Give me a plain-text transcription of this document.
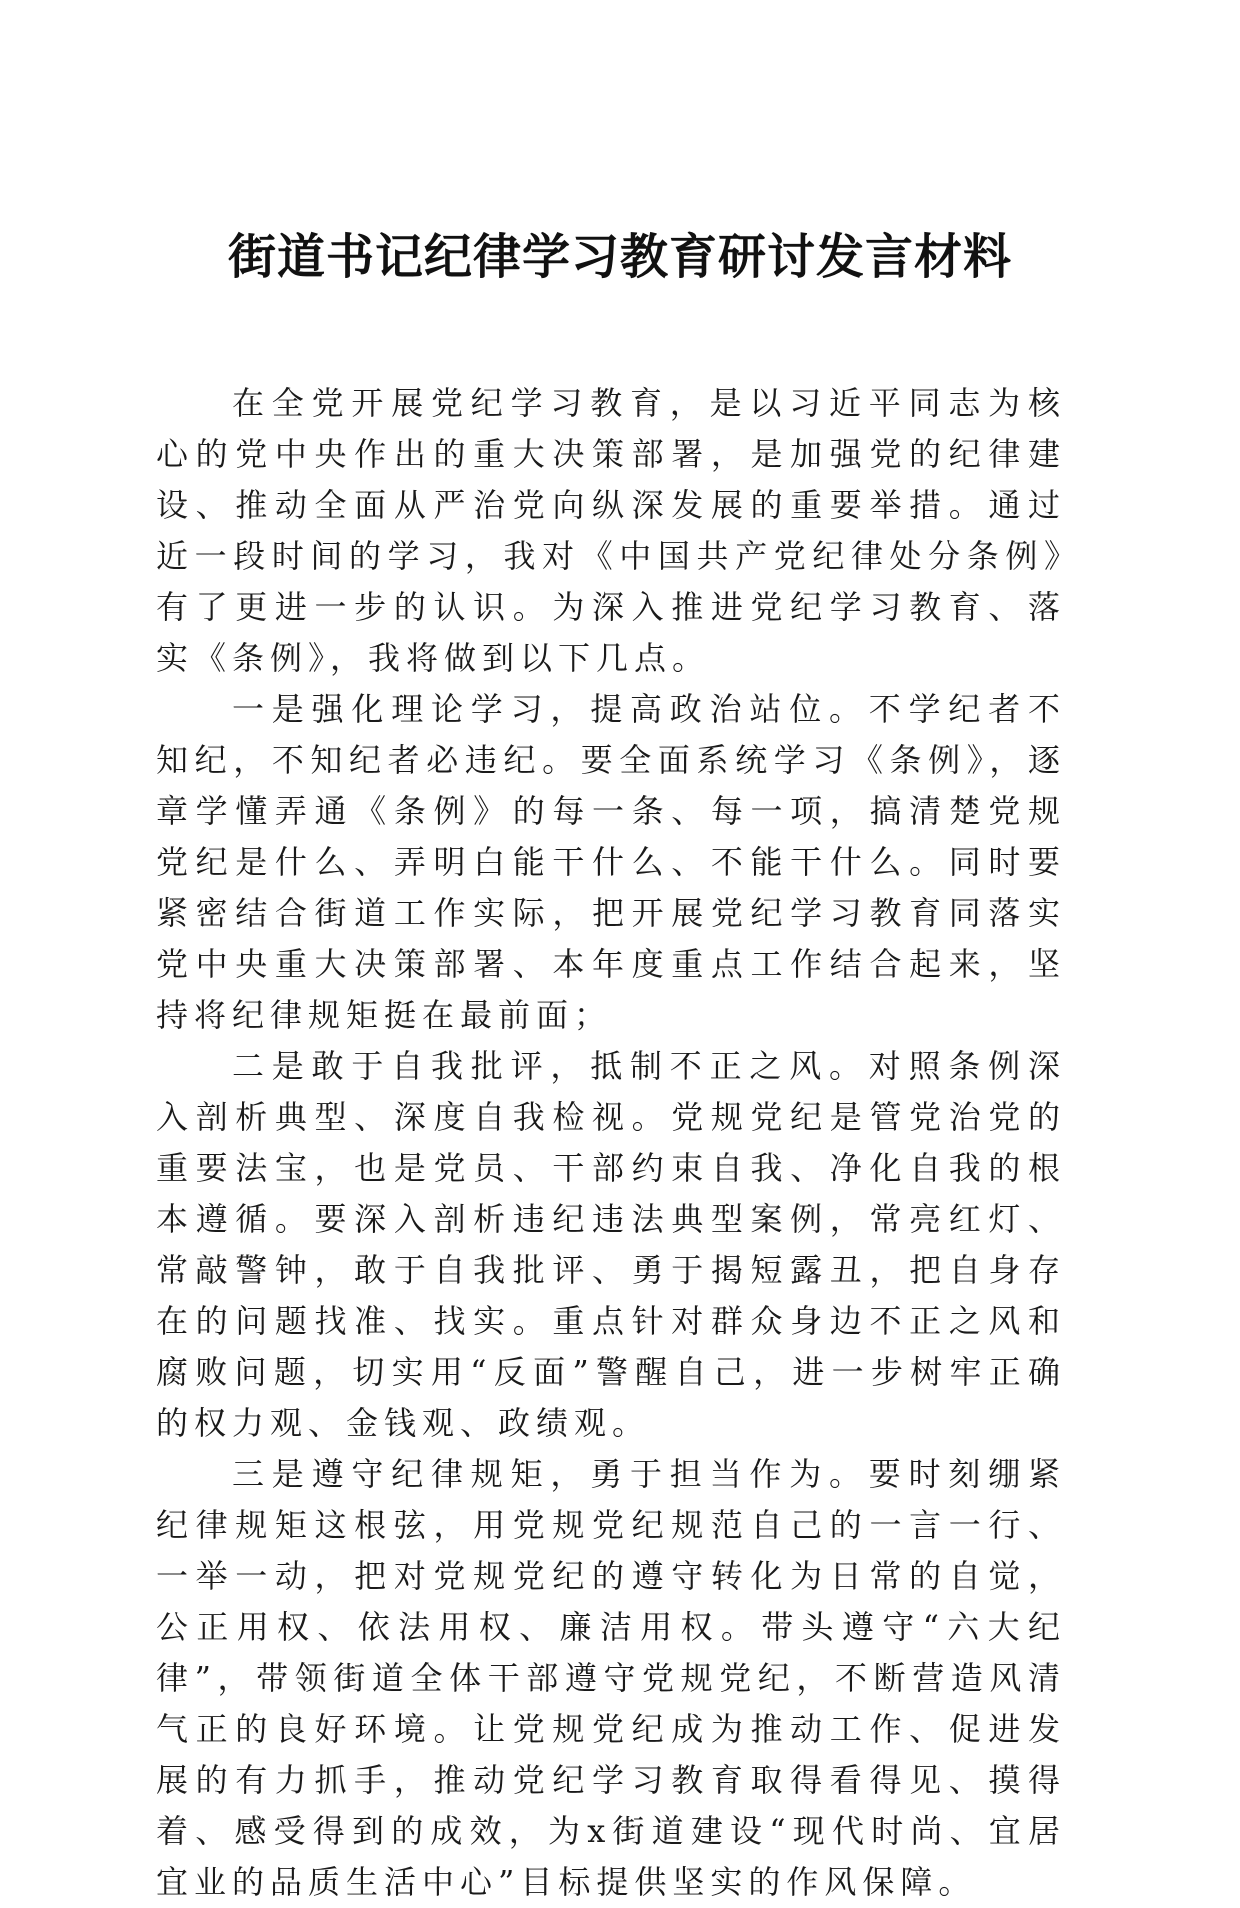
街道书记纪律学习教育研讨发言材料

在全党开展党纪学习教育，是以习近平同志为核心的党中央作出的重大决策部署，是加强党的纪律建设、推动全面从严治党向纵深发展的重要举措。通过近一段时间的学习，我对《中国共产党纪律处分条例》有了更进一步的认识。为深入推进党纪学习教育、落实《条例》，我将做到以下几点。

一是强化理论学习，提高政治站位。不学纪者不知纪，不知纪者必违纪。要全面系统学习《条例》，逐章学懂弄通《条例》的每一条、每一项，搞清楚党规党纪是什么、弄明白能干什么、不能干什么。同时要紧密结合街道工作实际，把开展党纪学习教育同落实党中央重大决策部署、本年度重点工作结合起来，坚持将纪律规矩挺在最前面；

二是敢于自我批评，抵制不正之风。对照条例深入剖析典型、深度自我检视。党规党纪是管党治党的重要法宝，也是党员、干部约束自我、净化自我的根本遵循。要深入剖析违纪违法典型案例，常亮红灯、常敲警钟，敢于自我批评、勇于揭短露丑，把自身存在的问题找准、找实。重点针对群众身边不正之风和腐败问题，切实用“反面”警醒自己，进一步树牢正确的权力观、金钱观、政绩观。

三是遵守纪律规矩，勇于担当作为。要时刻绷紧纪律规矩这根弦，用党规党纪规范自己的一言一行、一举一动，把对党规党纪的遵守转化为日常的自觉，公正用权、依法用权、廉洁用权。带头遵守“六大纪律”，带领街道全体干部遵守党规党纪，不断营造风清气正的良好环境。让党规党纪成为推动工作、促进发展的有力抓手，推动党纪学习教育取得看得见、摸得着、感受得到的成效，为x街道建设“现代时尚、宜居宜业的品质生活中心”目标提供坚实的作风保障。
